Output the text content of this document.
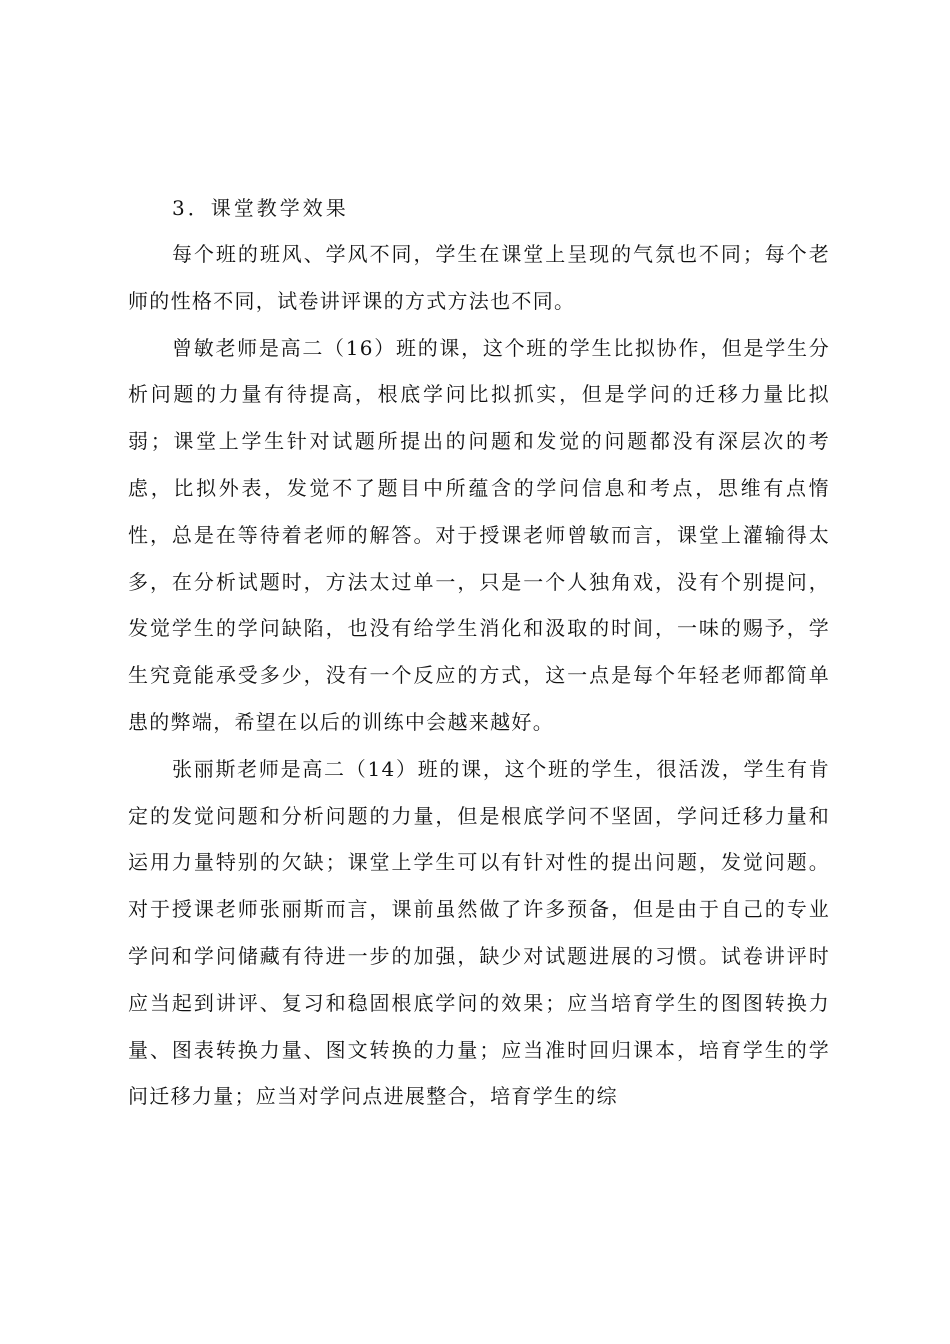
3．课堂教学效果

每个班的班风、学风不同，学生在课堂上呈现的气氛也不同；每个老师的性格不同，试卷讲评课的方式方法也不同。

曾敏老师是高二（16）班的课，这个班的学生比拟协作，但是学生分析问题的力量有待提高，根底学问比拟抓实，但是学问的迁移力量比拟弱；课堂上学生针对试题所提出的问题和发觉的问题都没有深层次的考虑，比拟外表，发觉不了题目中所蕴含的学问信息和考点，思维有点惰性，总是在等待着老师的解答。对于授课老师曾敏而言，课堂上灌输得太多，在分析试题时，方法太过单一，只是一个人独角戏，没有个别提问，发觉学生的学问缺陷，也没有给学生消化和汲取的时间，一味的赐予，学生究竟能承受多少，没有一个反应的方式，这一点是每个年轻老师都简单患的弊端，希望在以后的训练中会越来越好。

张丽斯老师是高二（14）班的课，这个班的学生，很活泼，学生有肯定的发觉问题和分析问题的力量，但是根底学问不坚固，学问迁移力量和运用力量特别的欠缺；课堂上学生可以有针对性的提出问题，发觉问题。对于授课老师张丽斯而言，课前虽然做了许多预备，但是由于自己的专业学问和学问储藏有待进一步的加强，缺少对试题进展的习惯。试卷讲评时应当起到讲评、复习和稳固根底学问的效果；应当培育学生的图图转换力量、图表转换力量、图文转换的力量；应当准时回归课本，培育学生的学问迁移力量；应当对学问点进展整合，培育学生的综
